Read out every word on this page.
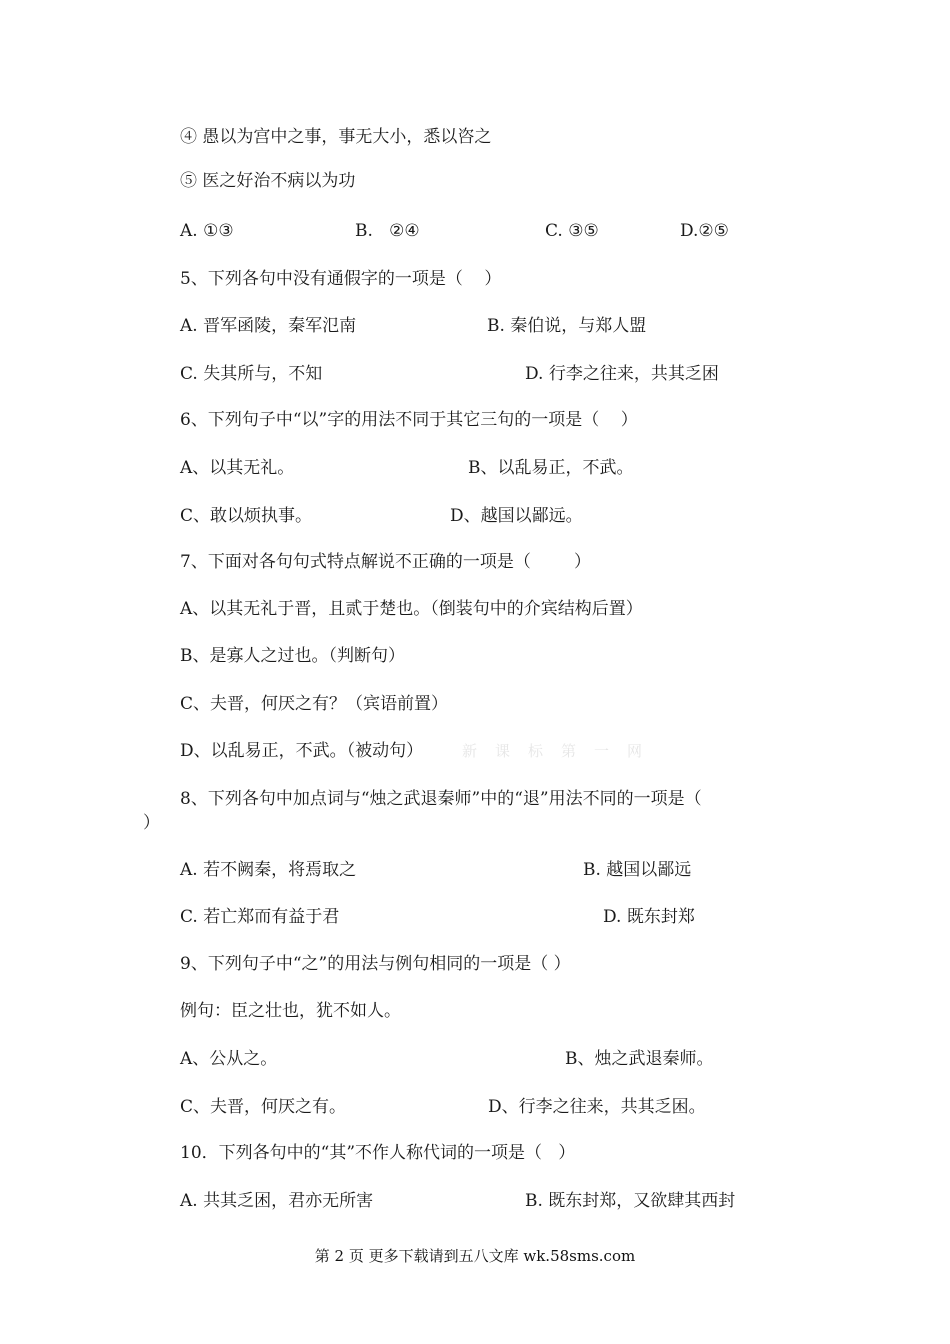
④ 愚以为宫中之事，事无大小，悉以咨之
⑤ 医之好治不病以为功
A. ①③	B.   ②④	C. ③⑤	D.②⑤
5、下列各句中没有通假字的一项是（    ）
A. 晋军函陵，秦军氾南	B. 秦伯说，与郑人盟
C. 失其所与，不知	D. 行李之往来，共其乏困
6、下列句子中“以”字的用法不同于其它三句的一项是（    ）
A、以其无礼。	B、以乱易正，不武。
C、敢以烦执事。	D、越国以鄙远。
7、下面对各句句式特点解说不正确的一项是（        ）
A、以其无礼于晋，且贰于楚也。（倒装句中的介宾结构后置）
B、是寡人之过也。（判断句）
C、夫晋，何厌之有？（宾语前置）
D、以乱易正，不武。（被动句）	新课标第一网
8、下列各句中加点词与“烛之武退秦师”中的“退”用法不同的一项是（
）
A. 若不阙秦，将焉取之	B. 越国以鄙远
C. 若亡郑而有益于君	D. 既东封郑
9、下列句子中“之”的用法与例句相同的一项是（ ）
例句：臣之壮也，犹不如人。
A、公从之。	B、烛之武退秦师。
C、夫晋，何厌之有。	D、行李之往来，共其乏困。
10．下列各句中的“其”不作人称代词的一项是（   ）
A. 共其乏困，君亦无所害	B. 既东封郑，又欲肆其西封
第 2 页 更多下载请到五八文库 wk.58sms.com
